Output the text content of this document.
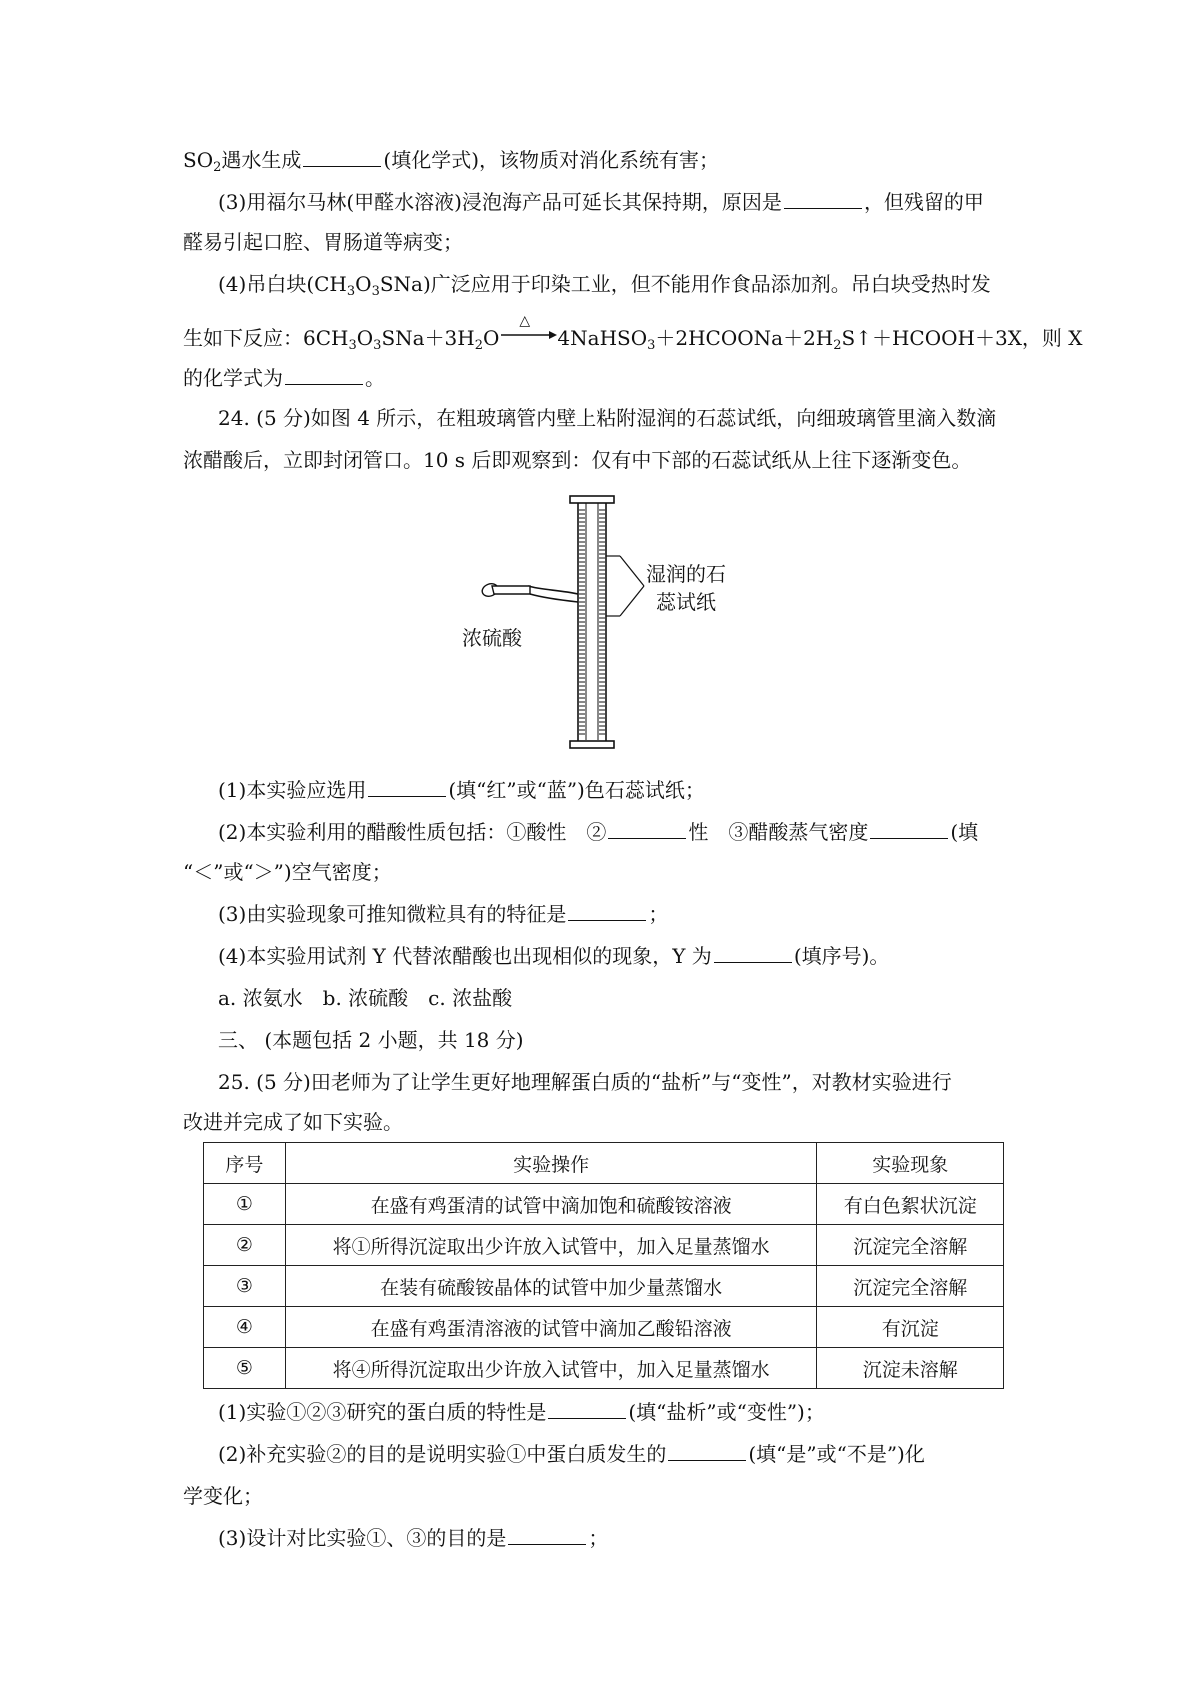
$SO_2$遇水生成	(填化学式)，该物质对消化系统有害；
(3)用福尔马林(甲醛水溶液)浸泡海产品可延长其保持期，原因是	，但残留的甲
醛易引起口腔、胃肠道等病变；
(4)吊白块$(CH_3O_3SNa)$广泛应用于印染工业，但不能用作食品添加剂。吊白块受热时发
生如下反应：$6CH_3O_3SNa+3H_2O$
△
$4NaHSO_3+2HCOONa+2H_2S↑+HCOOH+3X$，则 X
的化学式为	。
24. (5 分)如图 4 所示，在粗玻璃管内壁上粘附湿润的石蕊试纸，向细玻璃管里滴入数滴
浓醋酸后，立即封闭管口。10 s 后即观察到：仅有中下部的石蕊试纸从上往下逐渐变色。
湿润的石
蕊试纸
浓硫酸
(1)本实验应选用	(填“红”或“蓝”)色石蕊试纸；
(2)本实验利用的醋酸性质包括：①酸性　②	性　③醋酸蒸气密度	(填
“＜”或“＞”)空气密度；
(3)由实验现象可推知微粒具有的特征是	；
(4)本实验用试剂 Y 代替浓醋酸也出现相似的现象，Y 为	(填序号)。
a. 浓氨水　b. 浓硫酸　c. 浓盐酸
三、 (本题包括 2 小题，共 18 分)
25. (5 分)田老师为了让学生更好地理解蛋白质的“盐析”与“变性”，对教材实验进行
改进并完成了如下实验。
序号	实验操作	实验现象
①	在盛有鸡蛋清的试管中滴加饱和硫酸铵溶液	有白色絮状沉淀
②	将①所得沉淀取出少许放入试管中，加入足量蒸馏水	沉淀完全溶解
③	在装有硫酸铵晶体的试管中加少量蒸馏水	沉淀完全溶解
④	在盛有鸡蛋清溶液的试管中滴加乙酸铅溶液	有沉淀
⑤	将④所得沉淀取出少许放入试管中，加入足量蒸馏水	沉淀未溶解
(1)实验①②③研究的蛋白质的特性是	(填“盐析”或“变性”)；
(2)补充实验②的目的是说明实验①中蛋白质发生的	(填“是”或“不是”)化
学变化；
(3)设计对比实验①、③的目的是	；
